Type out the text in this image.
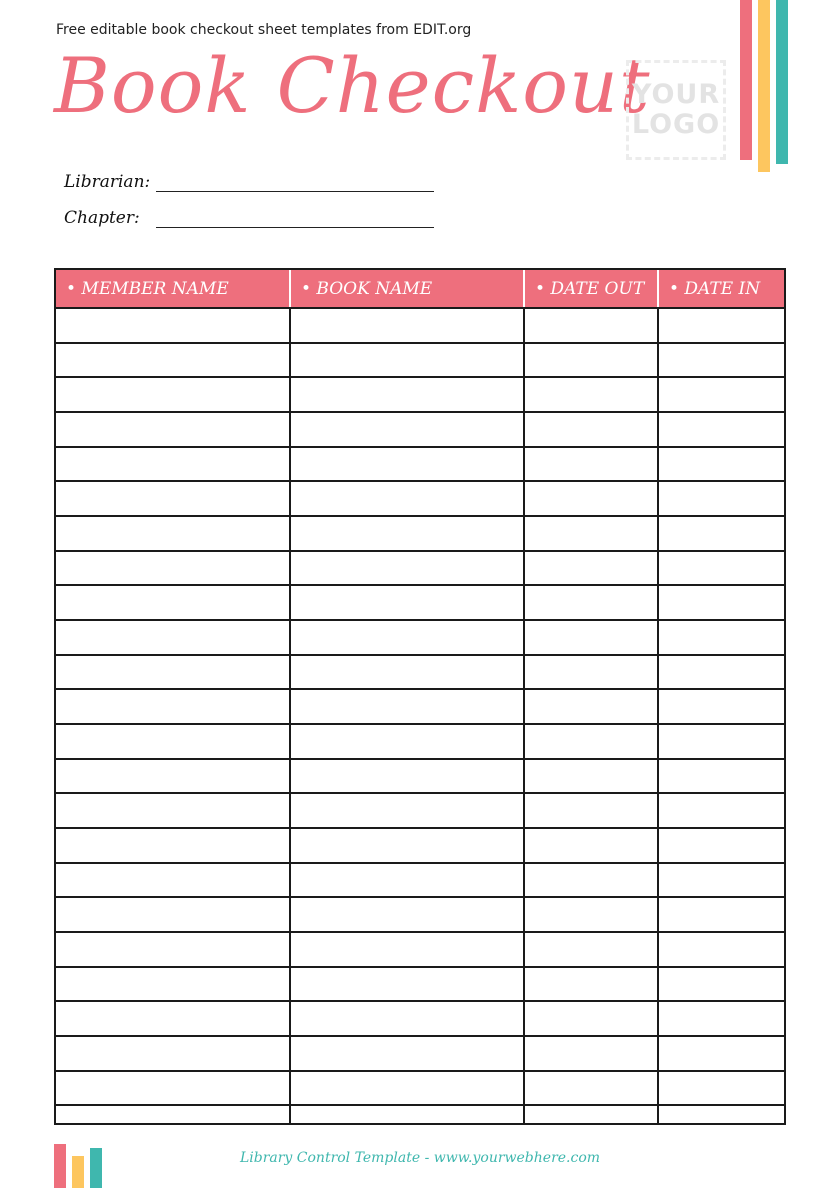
Free editable book checkout sheet templates from EDIT.org
Book Checkout
YOUR
LOGO
Librarian:
Chapter:
• MEMBER NAME	• BOOK NAME	• DATE OUT	• DATE IN

Library Control Template - www.yourwebhere.com
